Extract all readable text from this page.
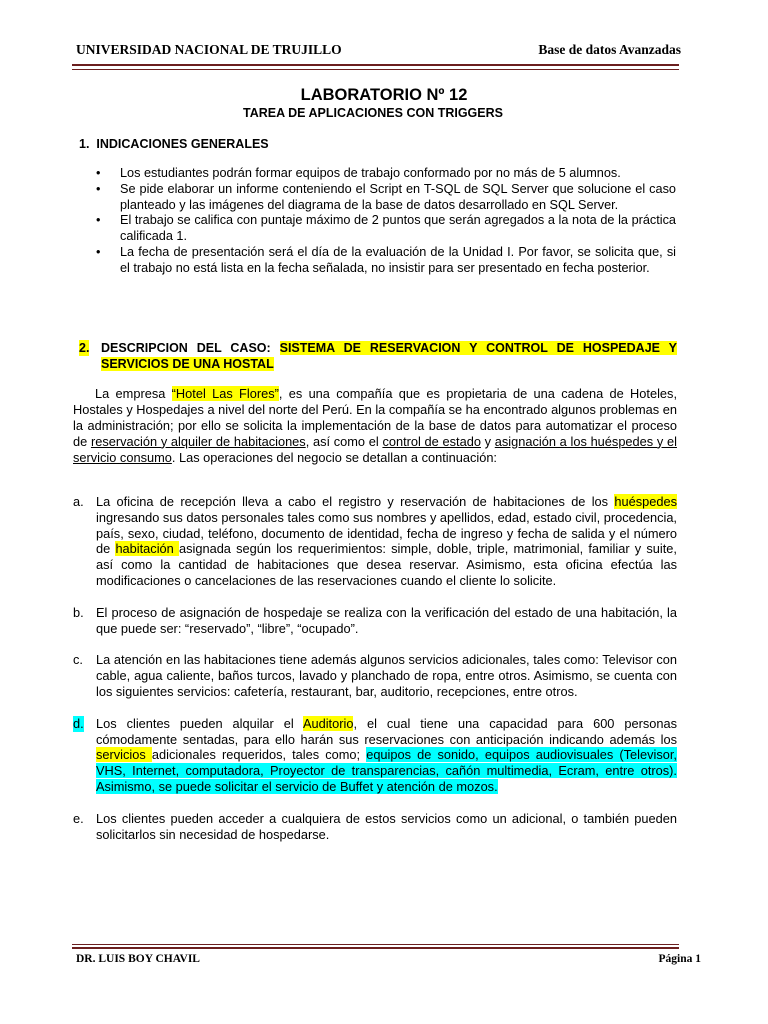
UNIVERSIDAD NACIONAL DE TRUJILLO	Base de datos Avanzadas
LABORATORIO Nº 12
TAREA DE APLICACIONES CON TRIGGERS
1. INDICACIONES GENERALES
• Los estudiantes podrán formar equipos de trabajo conformado por no más de 5 alumnos.
• Se pide elaborar un informe conteniendo el Script en T-SQL de SQL Server que solucione el caso planteado y las imágenes del diagrama de la base de datos desarrollado en SQL Server.
• El trabajo se califica con puntaje máximo de 2 puntos que serán agregados a la nota de la práctica calificada 1.
• La fecha de presentación será el día de la evaluación de la Unidad I. Por favor, se solicita que, si el trabajo no está lista en la fecha señalada, no insistir para ser presentado en fecha posterior.
2. DESCRIPCION DEL CASO: SISTEMA DE RESERVACION Y CONTROL DE HOSPEDAJE Y SERVICIOS DE UNA HOSTAL
La empresa “Hotel Las Flores”, es una compañía que es propietaria de una cadena de Hoteles, Hostales y Hospedajes a nivel del norte del Perú. En la compañía se ha encontrado algunos problemas en la administración; por ello se solicita la implementación de la base de datos para automatizar el proceso de reservación y alquiler de habitaciones, así como el control de estado y asignación a los huéspedes y el servicio consumo. Las operaciones del negocio se detallan a continuación:
a. La oficina de recepción lleva a cabo el registro y reservación de habitaciones de los huéspedes ingresando sus datos personales tales como sus nombres y apellidos, edad, estado civil, procedencia, país, sexo, ciudad, teléfono, documento de identidad, fecha de ingreso y fecha de salida y el número de habitación asignada según los requerimientos: simple, doble, triple, matrimonial, familiar y suite, así como la cantidad de habitaciones que desea reservar. Asimismo, esta oficina efectúa las modificaciones o cancelaciones de las reservaciones cuando el cliente lo solicite.
b. El proceso de asignación de hospedaje se realiza con la verificación del estado de una habitación, la que puede ser: “reservado”, “libre”, “ocupado”.
c. La atención en las habitaciones tiene además algunos servicios adicionales, tales como: Televisor con cable, agua caliente, baños turcos, lavado y planchado de ropa, entre otros. Asimismo, se cuenta con los siguientes servicios: cafetería, restaurant, bar, auditorio, recepciones, entre otros.
d. Los clientes pueden alquilar el Auditorio, el cual tiene una capacidad para 600 personas cómodamente sentadas, para ello harán sus reservaciones con anticipación indicando además los servicios adicionales requeridos, tales como; equipos de sonido, equipos audiovisuales (Televisor, VHS, Internet, computadora, Proyector de transparencias, cañón multimedia, Ecram, entre otros). Asimismo, se puede solicitar el servicio de Buffet y atención de mozos.
e. Los clientes pueden acceder a cualquiera de estos servicios como un adicional, o también pueden solicitarlos sin necesidad de hospedarse.
DR. LUIS BOY CHAVIL	Página 1
